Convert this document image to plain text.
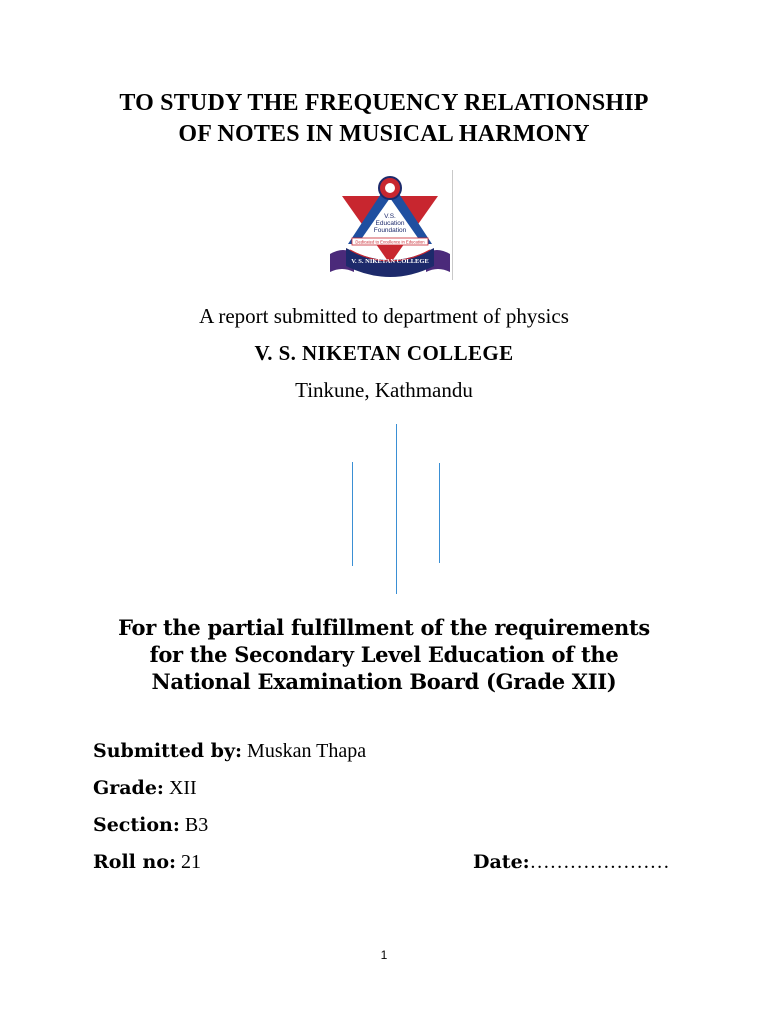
TO STUDY THE FREQUENCY RELATIONSHIP
OF NOTES IN MUSICAL HARMONY
V.S.
Education
Foundation
Dedicated to Excellence in Education
V. S. NIKETAN COLLEGE
A report submitted to department of physics
V. S. NIKETAN COLLEGE
Tinkune, Kathmandu
For the partial fulfillment of the requirements
for the Secondary Level Education of the
National Examination Board (Grade XII)
Submitted by: Muskan Thapa
Grade: XII
Section: B3
Roll no: 21	Date:…………………
1
